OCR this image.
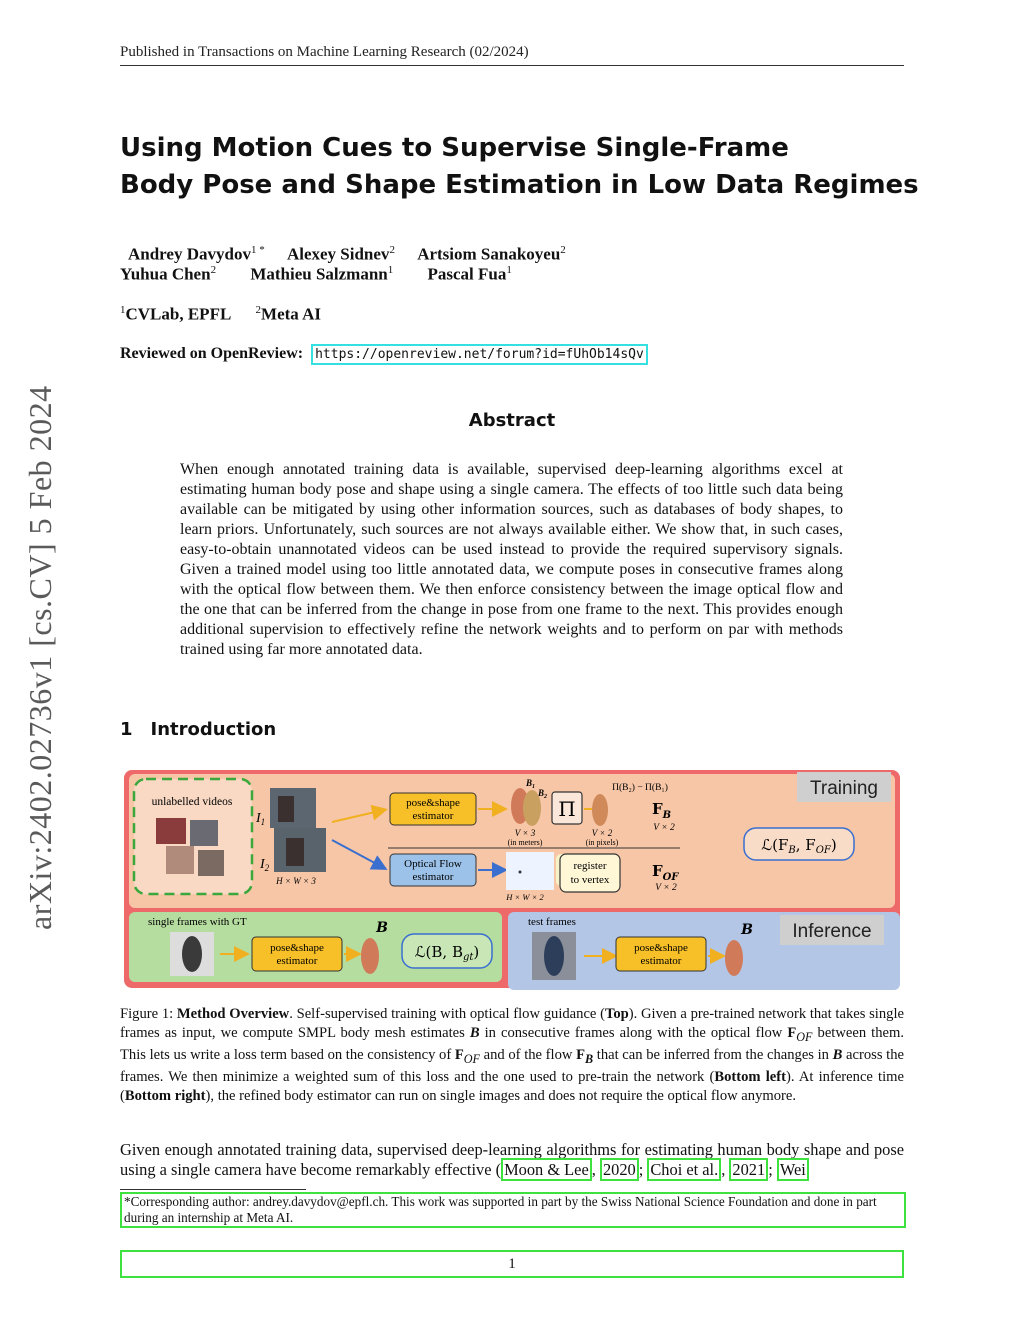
Published in Transactions on Machine Learning Research (02/2024)
arXiv:2402.02736v1 [cs.CV] 5 Feb 2024
Using Motion Cues to Supervise Single-Frame
Body Pose and Shape Estimation in Low Data Regimes
Andrey Davydov$^{1 *}$ Alexey Sidnev$^2$ Artsiom Sanakoyeu$^2$
Yuhua Chen$^2$ Mathieu Salzmann$^1$ Pascal Fua$^1$
$^1$CVLab, EPFL $^2$Meta AI
Reviewed on OpenReview: https://openreview.net/forum?id=fUhOb14sQv
Abstract
When enough annotated training data is available, supervised deep-learning algorithms excel at estimating human body pose and shape using a single camera. The effects of too little such data being available can be mitigated by using other information sources, such as databases of body shapes, to learn priors. Unfortunately, such sources are not always available either. We show that, in such cases, easy-to-obtain unannotated videos can be used instead to provide the required supervisory signals. Given a trained model using too little annotated data, we compute poses in consecutive frames along with the optical flow between them. We then enforce consistency between the image optical flow and the one that can be inferred from the change in pose from one frame to the next. This provides enough additional supervision to effectively refine the network weights and to perform on par with methods trained using far more annotated data.
1 Introduction
Training
unlabelled videos
$I_1$
$I_2$
H × W × 3
pose&shape
estimator
$B_1$
$B_2$
V × 3
(in meters)
Π
Π(B₂) − Π(B₁)
V × 2
(in pixels)
$F_B$
V × 2
Optical Flow
estimator
H × W × 2
register
to vertex	$F_{OF}$
V × 2
$ℒ(F_B$, $F_{OF}$)
single frames with GT
pose&shape
estimator
B
ℒ(B, $B_{gt}$)
Inference
test frames
pose&shape
estimator
B
Figure 1: Method Overview. Self-supervised training with optical flow guidance (Top). Given a pre-trained network that takes single frames as input, we compute SMPL body mesh estimates B in consecutive frames along with the optical flow $F_{OF}$ between them. This lets us write a loss term based on the consistency of $F_{OF}$ and of the flow $F_B$ that can be inferred from the changes in B across the frames. We then minimize a weighted sum of this loss and the one used to pre-train the network (Bottom left). At inference time (Bottom right), the refined body estimator can run on single images and does not require the optical flow anymore.
Given enough annotated training data, supervised deep-learning algorithms for estimating human body shape and pose using a single camera have become remarkably effective ( Moon & Lee , 2020 ; Choi et al. , 2021 ; Wei
*Corresponding author: andrey.davydov@epfl.ch. This work was supported in part by the Swiss National Science Foundation and done in part during an internship at Meta AI.
1
